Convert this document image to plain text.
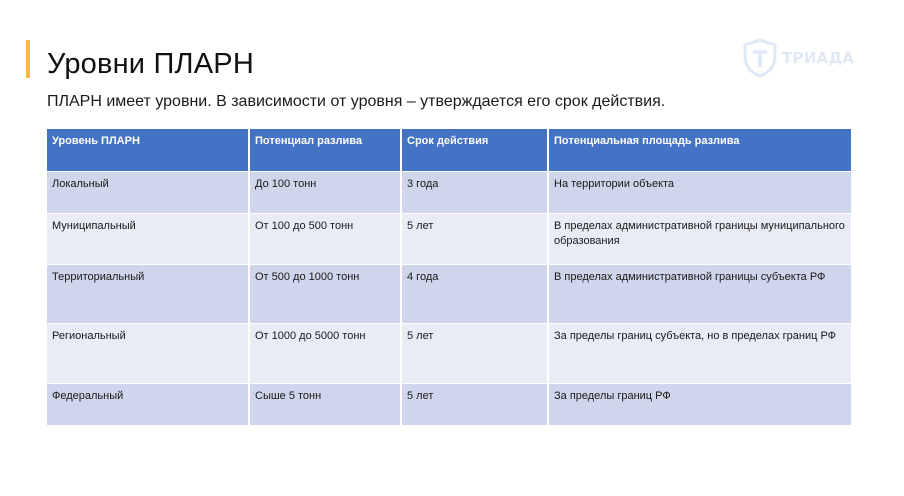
Уровни ПЛАРН
ПЛАРН имеет уровни. В зависимости от уровня – утверждается его срок действия.
ТРИАДА
Уровень ПЛАРН	Потенциал разлива	Срок действия	Потенциальная площадь разлива
Локальный	До 100 тонн	3 года	На территории объекта
Муниципальный	От 100 до 500 тонн	5 лет	В пределах административной границы муниципального образования
Территориальный	От 500 до 1000 тонн	4 года	В пределах административной границы субъекта РФ
Региональный	От 1000 до 5000 тонн	5 лет	За пределы границ субъекта, но в пределах границ РФ
Федеральный	Сыше 5 тонн	5 лет	За пределы границ РФ
